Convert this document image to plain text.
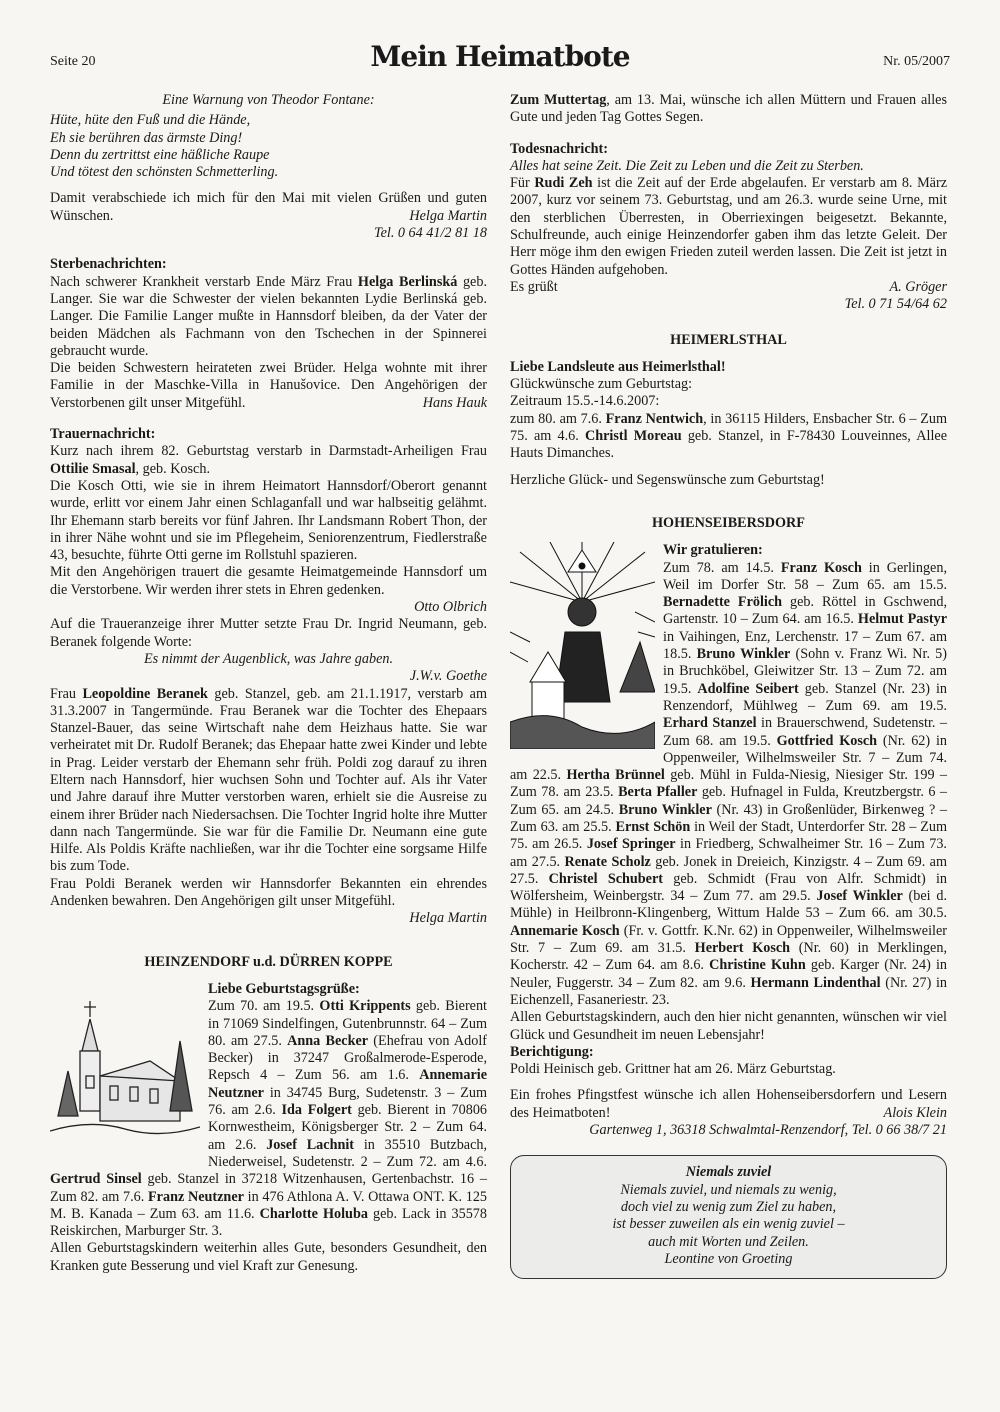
Seite 20	Mein Heimatbote	Nr. 05/2007

Eine Warnung von Theodor Fontane:

Hüte, hüte den Fuß und die Hände,

Eh sie berühren das ärmste Ding!

Denn du zertrittst eine häßliche Raupe

Und tötest den schönsten Schmetterling.

Damit verabschiede ich mich für den Mai mit vielen Grüßen und guten Wünschen.	Helga Martin

Tel. 0 64 41/2 81 18

Sterbenachrichten:

Nach schwerer Krankheit verstarb Ende März Frau Helga Berlinská geb. Langer. Sie war die Schwester der vielen bekannten Lydie Berlinská geb. Langer. Die Familie Langer mußte in Hannsdorf bleiben, da der Vater der beiden Mädchen als Fachmann von den Tschechen in der Spinnerei gebraucht wurde.

Die beiden Schwestern heirateten zwei Brüder. Helga wohnte mit ihrer Familie in der Maschke-Villa in Hanušovice. Den Angehörigen der Verstorbenen gilt unser Mitgefühl.	Hans Hauk

Trauernachricht:

Kurz nach ihrem 82. Geburtstag verstarb in Darmstadt-Arheiligen Frau Ottilie Smasal, geb. Kosch.

Die Kosch Otti, wie sie in ihrem Heimatort Hannsdorf/Oberort genannt wurde, erlitt vor einem Jahr einen Schlaganfall und war halbseitig gelähmt. Ihr Ehemann starb bereits vor fünf Jahren. Ihr Landsmann Robert Thon, der in ihrer Nähe wohnt und sie im Pflegeheim, Seniorenzentrum, Fiedlerstraße 43, besuchte, führte Otti gerne im Rollstuhl spazieren.

Mit den Angehörigen trauert die gesamte Heimatgemeinde Hannsdorf um die Verstorbene. Wir werden ihrer stets in Ehren gedenken.

Otto Olbrich

Auf die Traueranzeige ihrer Mutter setzte Frau Dr. Ingrid Neumann, geb. Beranek folgende Worte:

Es nimmt der Augenblick, was Jahre gaben.

J.W.v. Goethe

Frau Leopoldine Beranek geb. Stanzel, geb. am 21.1.1917, verstarb am 31.3.2007 in Tangermünde. Frau Beranek war die Tochter des Ehepaars Stanzel-Bauer, das seine Wirtschaft nahe dem Heizhaus hatte. Sie war verheiratet mit Dr. Rudolf Beranek; das Ehepaar hatte zwei Kinder und lebte in Prag. Leider verstarb der Ehemann sehr früh. Poldi zog darauf zu ihren Eltern nach Hannsdorf, hier wuchsen Sohn und Tochter auf. Als ihr Vater und Jahre darauf ihre Mutter verstorben waren, erhielt sie die Ausreise zu einem ihrer Brüder nach Niedersachsen. Die Tochter Ingrid holte ihre Mutter dann nach Tangermünde. Sie war für die Familie Dr. Neumann eine gute Hilfe. Als Poldis Kräfte nachließen, war ihr die Tochter eine sorgsame Hilfe bis zum Tode.

Frau Poldi Beranek werden wir Hannsdorfer Bekannten ein ehrendes Andenken bewahren. Den Angehörigen gilt unser Mitgefühl.

Helga Martin

HEINZENDORF u.d. DÜRREN KOPPE

Liebe Geburtstagsgrüße:

Zum 70. am 19.5. Otti Krippents geb. Bierent in 71069 Sindelfingen, Gutenbrunnstr. 64 – Zum 80. am 27.5. Anna Becker (Ehefrau von Adolf Becker) in 37247 Großalmerode-Esperode, Repsch 4 – Zum 56. am 1.6. Annemarie Neutzner in 34745 Burg, Sudetenstr. 3 – Zum 76. am 2.6. Ida Folgert geb. Bierent in 70806 Kornwestheim, Königsberger Str. 2 – Zum 64. am 2.6. Josef Lachnit in 35510 Butzbach, Niederweisel, Sudetenstr. 2 – Zum 72. am 4.6. Gertrud Sinsel geb. Stanzel in 37218 Witzenhausen, Gertenbachstr. 16 – Zum 82. am 7.6. Franz Neutzner in 476 Athlona A. V. Ottawa ONT. K. 125 M. B. Kanada – Zum 63. am 11.6. Charlotte Holuba geb. Lack in 35578 Reiskirchen, Marburger Str. 3.

Allen Geburtstagskindern weiterhin alles Gute, besonders Gesundheit, den Kranken gute Besserung und viel Kraft zur Genesung.

Zum Muttertag, am 13. Mai, wünsche ich allen Müttern und Frauen alles Gute und jeden Tag Gottes Segen.

Todesnachricht:

Alles hat seine Zeit. Die Zeit zu Leben und die Zeit zu Sterben.

Für Rudi Zeh ist die Zeit auf der Erde abgelaufen. Er verstarb am 8. März 2007, kurz vor seinem 73. Geburtstag, und am 26.3. wurde seine Urne, mit den sterblichen Überresten, in Oberriexingen beigesetzt. Bekannte, Schulfreunde, auch einige Heinzendorfer gaben ihm das letzte Geleit. Der Herr möge ihm den ewigen Frieden zuteil werden lassen. Die Zeit ist jetzt in Gottes Händen aufgehoben.

Es grüßt	A. Gröger

Tel. 0 71 54/64 62

HEIMERLSTHAL

Liebe Landsleute aus Heimerlsthal!

Glückwünsche zum Geburtstag:

Zeitraum 15.5.-14.6.2007:

zum 80. am 7.6. Franz Nentwich, in 36115 Hilders, Ensbacher Str. 6 – Zum 75. am 4.6. Christl Moreau geb. Stanzel, in F-78430 Louveinnes, Allee Hauts Dimanches.

Herzliche Glück- und Segenswünsche zum Geburtstag!

HOHENSEIBERSDORF

Wir gratulieren:

Zum 78. am 14.5. Franz Kosch in Gerlingen, Weil im Dorfer Str. 58 – Zum 65. am 15.5. Bernadette Frölich geb. Röttel in Gschwend, Gartenstr. 10 – Zum 64. am 16.5. Helmut Pastyr in Vaihingen, Enz, Lerchenstr. 17 – Zum 67. am 18.5. Bruno Winkler (Sohn v. Franz Wi. Nr. 5) in Bruchköbel, Gleiwitzer Str. 13 – Zum 72. am 19.5. Adolfine Seibert geb. Stanzel (Nr. 23) in Renzendorf, Mühlweg – Zum 69. am 19.5. Erhard Stanzel in Brauerschwend, Sudetenstr. – Zum 68. am 19.5. Gottfried Kosch (Nr. 62) in Oppenweiler, Wilhelmsweiler Str. 7 – Zum 74. am 22.5. Hertha Brünnel geb. Mühl in Fulda-Niesig, Niesiger Str. 199 – Zum 78. am 23.5. Berta Pfaller geb. Hufnagel in Fulda, Kreutzbergstr. 6 – Zum 65. am 24.5. Bruno Winkler (Nr. 43) in Großenlüder, Birkenweg ? – Zum 63. am 25.5. Ernst Schön in Weil der Stadt, Unterdorfer Str. 28 – Zum 75. am 26.5. Josef Springer in Friedberg, Schwalheimer Str. 16 – Zum 73. am 27.5. Renate Scholz geb. Jonek in Dreieich, Kinzigstr. 4 – Zum 69. am 27.5. Christel Schubert geb. Schmidt (Frau von Alfr. Schmidt) in Wölfersheim, Weinbergstr. 34 – Zum 77. am 29.5. Josef Winkler (bei d. Mühle) in Heilbronn-Klingenberg, Wittum Halde 53 – Zum 66. am 30.5. Annemarie Kosch (Fr. v. Gottfr. K.Nr. 62) in Oppenweiler, Wilhelmsweiler Str. 7 – Zum 69. am 31.5. Herbert Kosch (Nr. 60) in Merklingen, Kocherstr. 42 – Zum 64. am 8.6. Christine Kuhn geb. Karger (Nr. 24) in Neuler, Fuggerstr. 34 – Zum 82. am 9.6. Hermann Lindenthal (Nr. 27) in Eichenzell, Fasaneriestr. 23.

Allen Geburtstagskindern, auch den hier nicht genannten, wünschen wir viel Glück und Gesundheit im neuen Lebensjahr!

Berichtigung:

Poldi Heinisch geb. Grittner hat am 26. März Geburtstag.

Ein frohes Pfingstfest wünsche ich allen Hohenseibersdorfern und Lesern des Heimatboten!	Alois Klein

Gartenweg 1, 36318 Schwalmtal-Renzendorf, Tel. 0 66 38/7 21

Niemals zuviel
Niemals zuviel, und niemals zu wenig,
doch viel zu wenig zum Ziel zu haben,
ist besser zuweilen als ein wenig zuviel –
auch mit Worten und Zeilen.
Leontine von Groeting
